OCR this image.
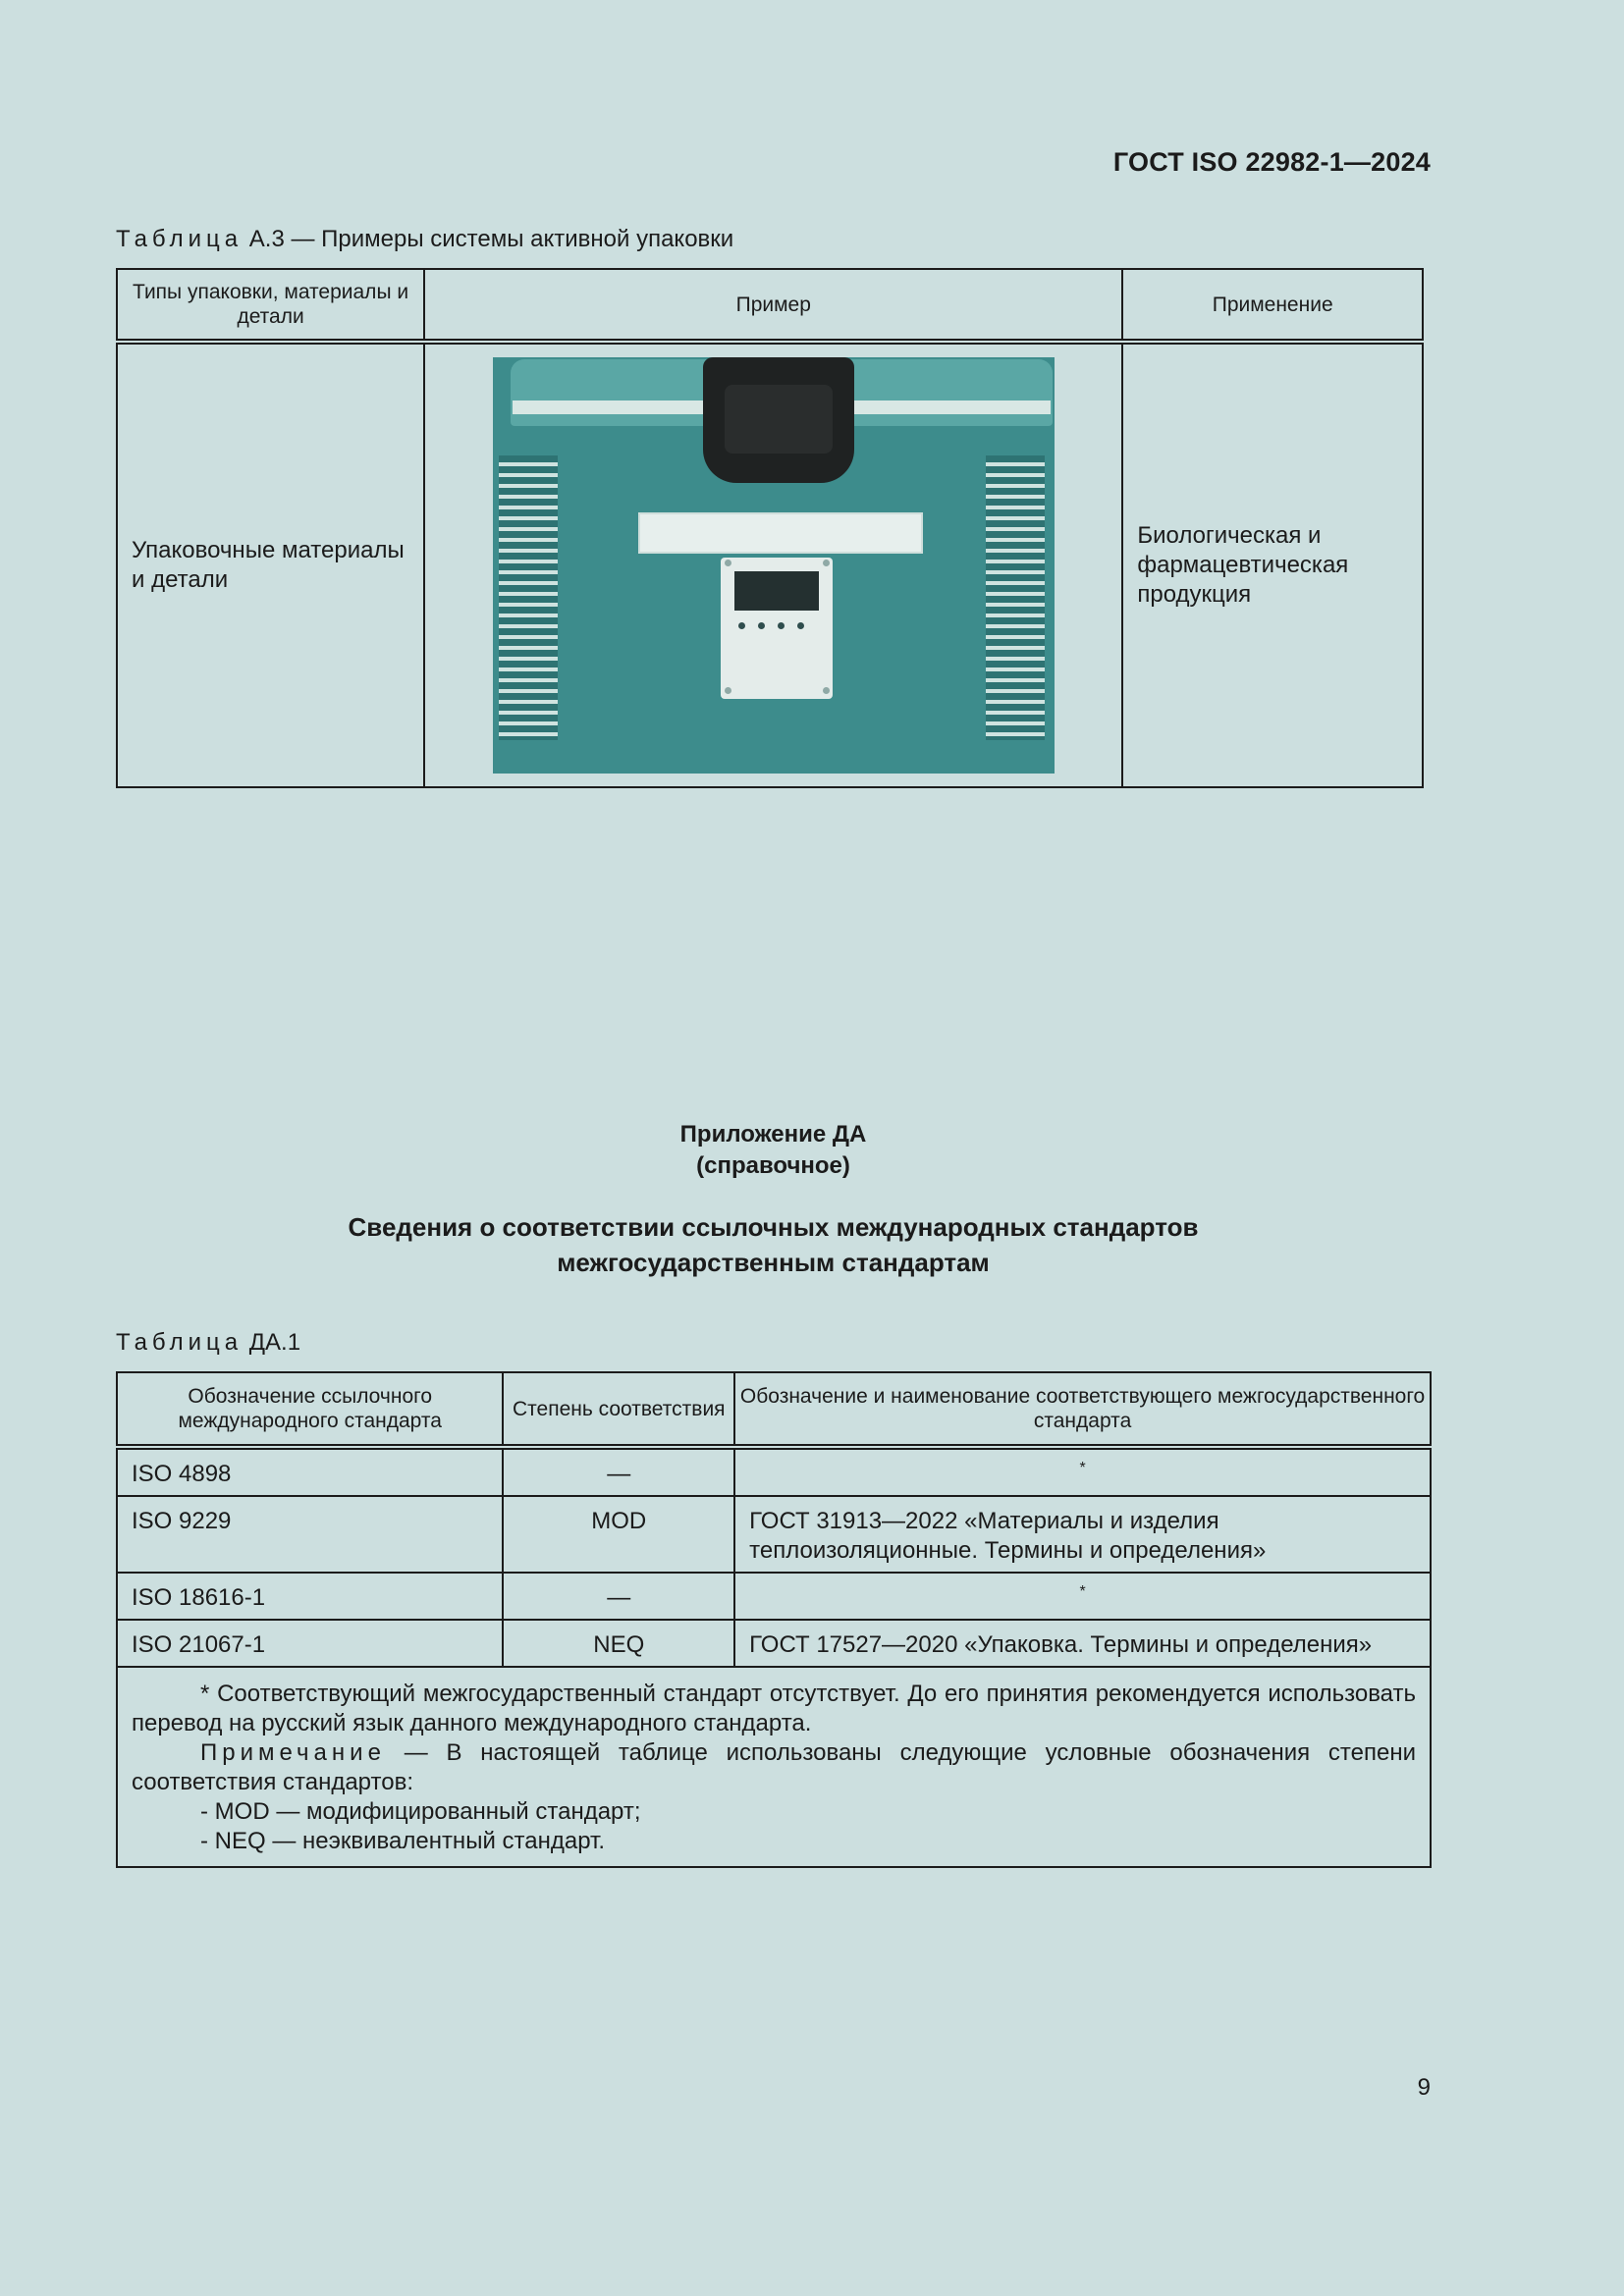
ГОСТ ISO 22982-1—2024
Таблица А.3 — Примеры системы активной упаковки
Типы упаковки, материалы и детали	Пример	Применение
Упаковочные материалы и детали		Биологическая и фармацевтическая продукция
Приложение ДА
(справочное)
Сведения о соответствии ссылочных международных стандартов
межгосударственным стандартам
Таблица ДА.1
Обозначение ссылочного международного стандарта	Степень соответствия	Обозначение и наименование соответствующего межгосударственного стандарта
ISO 4898	—	*
ISO 9229	MOD	ГОСТ 31913—2022 «Материалы и изделия теплоизоляционные. Термины и определения»
ISO 18616-1	—	*
ISO 21067-1	NEQ	ГОСТ 17527—2020 «Упаковка. Термины и определения»

* Соответствующий межгосударственный стандарт отсутствует. До его принятия рекомендуется использовать перевод на русский язык данного международного стандарта.

Примечание — В настоящей таблице использованы следующие условные обозначения степени соответствия стандартов:

- MOD — модифицированный стандарт;

- NEQ — неэквивалентный стандарт.		

9
